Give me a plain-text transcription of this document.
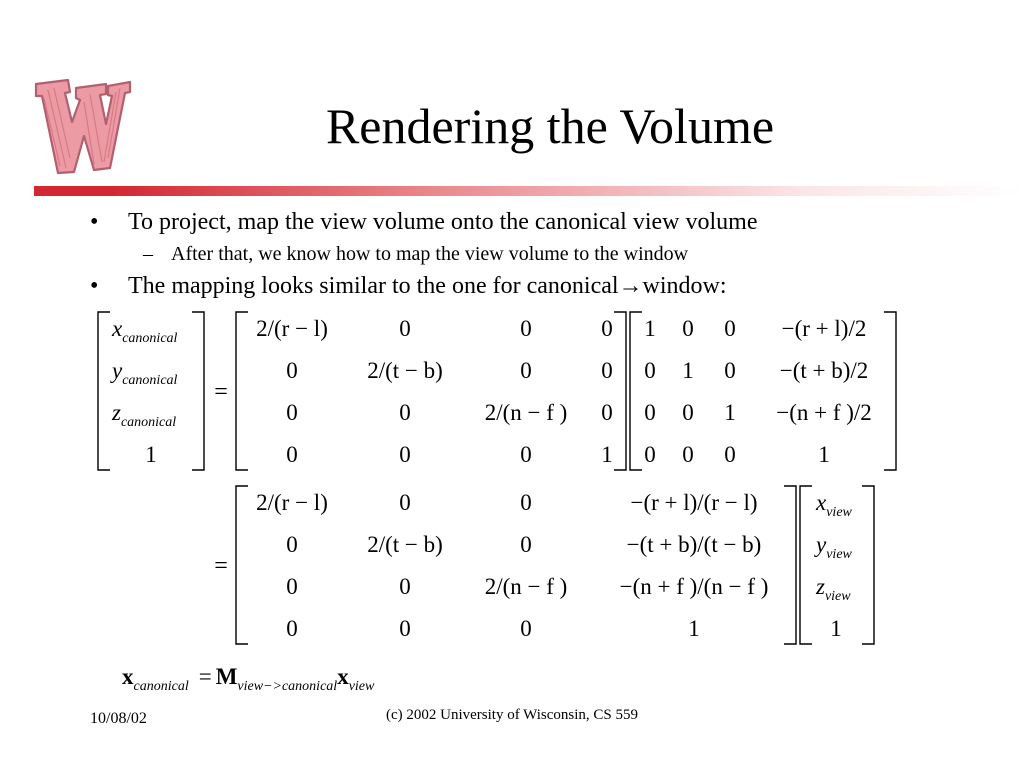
Rendering the Volume
• To project, map the view volume onto the canonical view volume
– After that, we know how to map the view volume to the window
• The mapping looks similar to the one for canonical→window:
$x_{canonical}$
$y_{canonical}$
$z_{canonical}$
1
=
=
2/(r − l)	0	0	0
0	2/(t − b)	0	0
0	0	2/(n − f ) 0
0	0	0	1
1 0 0 −(r + l)/2
0 1 0 −(t + b)/2
0 0 1 −(n + f )/2
0 0 0	1
2/(r − l)	0	0	−(r + l)/(r − l)
0	2/(t − b)	0	−(t + b)/(t − b)
0	0	2/(n − f ) −(n + f )/(n − f )
0	0	0	1
$x_{view}$
$y_{view}$
$z_{view}$
1
$x_{canonical} = M_{view->canonical}x_{view}$
10/08/02	(c) 2002 University of Wisconsin, CS 559
